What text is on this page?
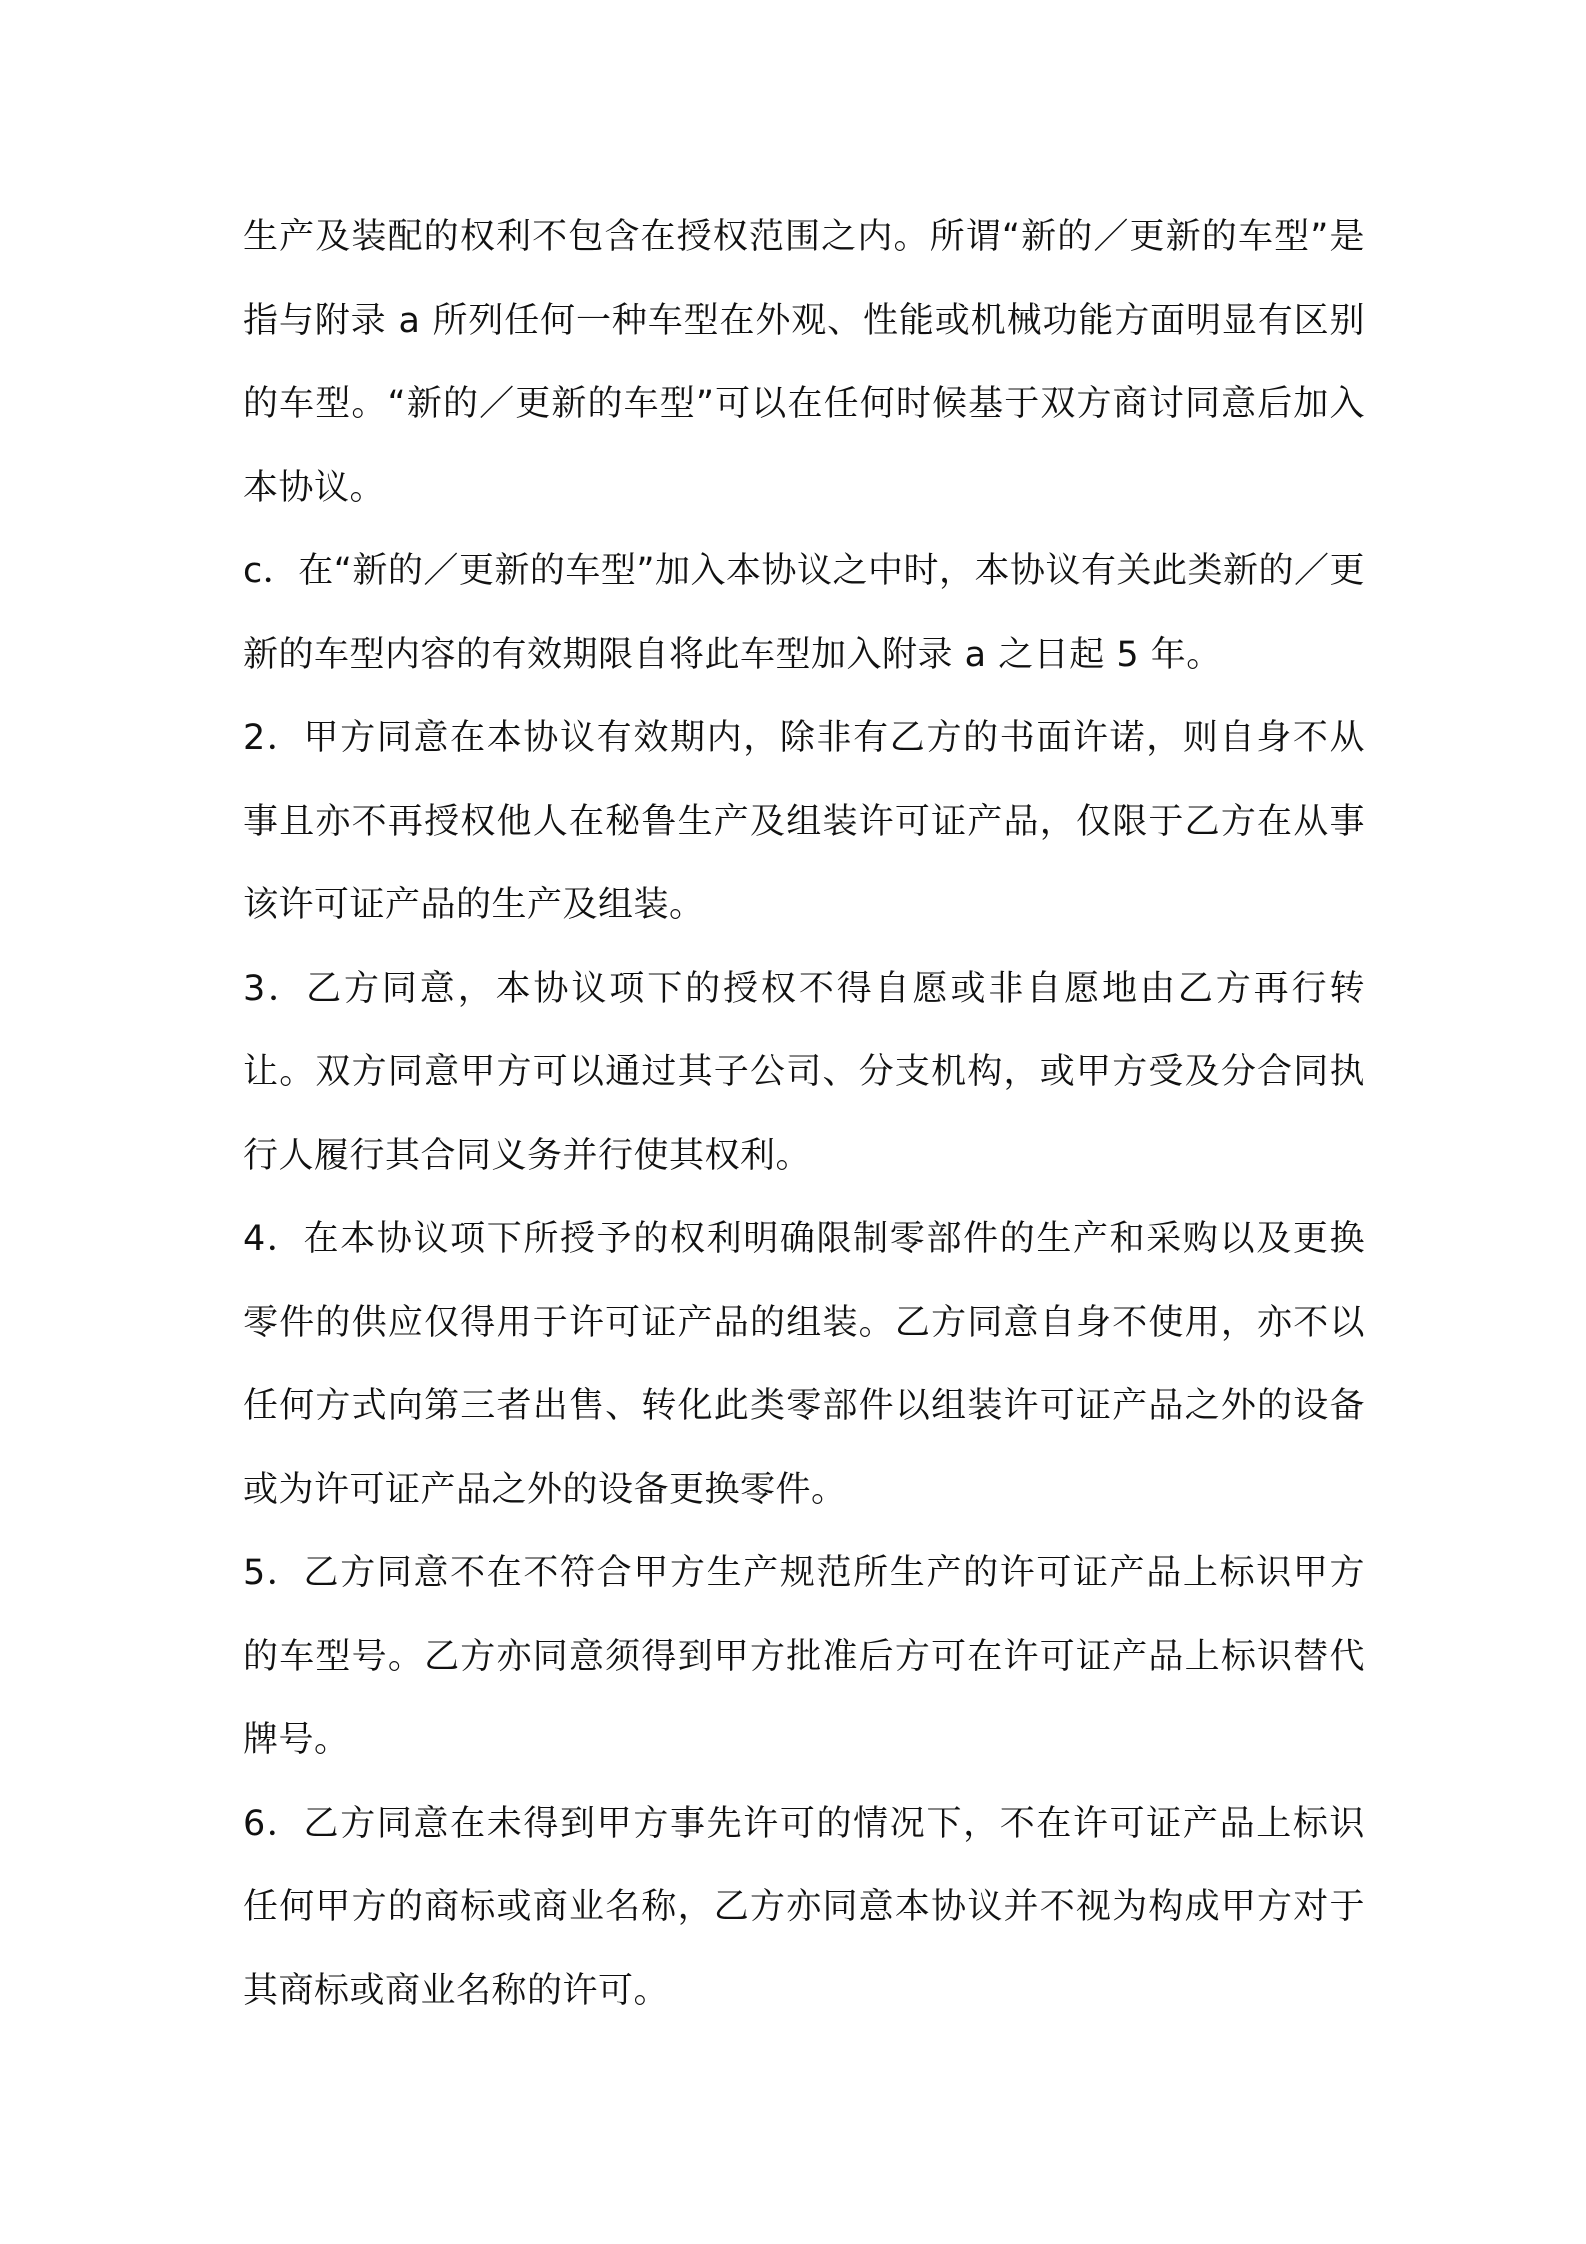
生产及装配的权利不包含在授权范围之内。所谓“新的／更新的车型”是指与附录 a 所列任何一种车型在外观、性能或机械功能方面明显有区别的车型。“新的／更新的车型”可以在任何时候基于双方商讨同意后加入本协议。

c．在“新的／更新的车型”加入本协议之中时，本协议有关此类新的／更新的车型内容的有效期限自将此车型加入附录 a 之日起 5 年。

2．甲方同意在本协议有效期内，除非有乙方的书面许诺，则自身不从事且亦不再授权他人在秘鲁生产及组装许可证产品，仅限于乙方在从事该许可证产品的生产及组装。

3．乙方同意，本协议项下的授权不得自愿或非自愿地由乙方再行转让。双方同意甲方可以通过其子公司、分支机构，或甲方受及分合同执行人履行其合同义务并行使其权利。

4．在本协议项下所授予的权利明确限制零部件的生产和采购以及更换零件的供应仅得用于许可证产品的组装。乙方同意自身不使用，亦不以任何方式向第三者出售、转化此类零部件以组装许可证产品之外的设备或为许可证产品之外的设备更换零件。

5．乙方同意不在不符合甲方生产规范所生产的许可证产品上标识甲方的车型号。乙方亦同意须得到甲方批准后方可在许可证产品上标识替代牌号。

6．乙方同意在未得到甲方事先许可的情况下，不在许可证产品上标识任何甲方的商标或商业名称，乙方亦同意本协议并不视为构成甲方对于其商标或商业名称的许可。
